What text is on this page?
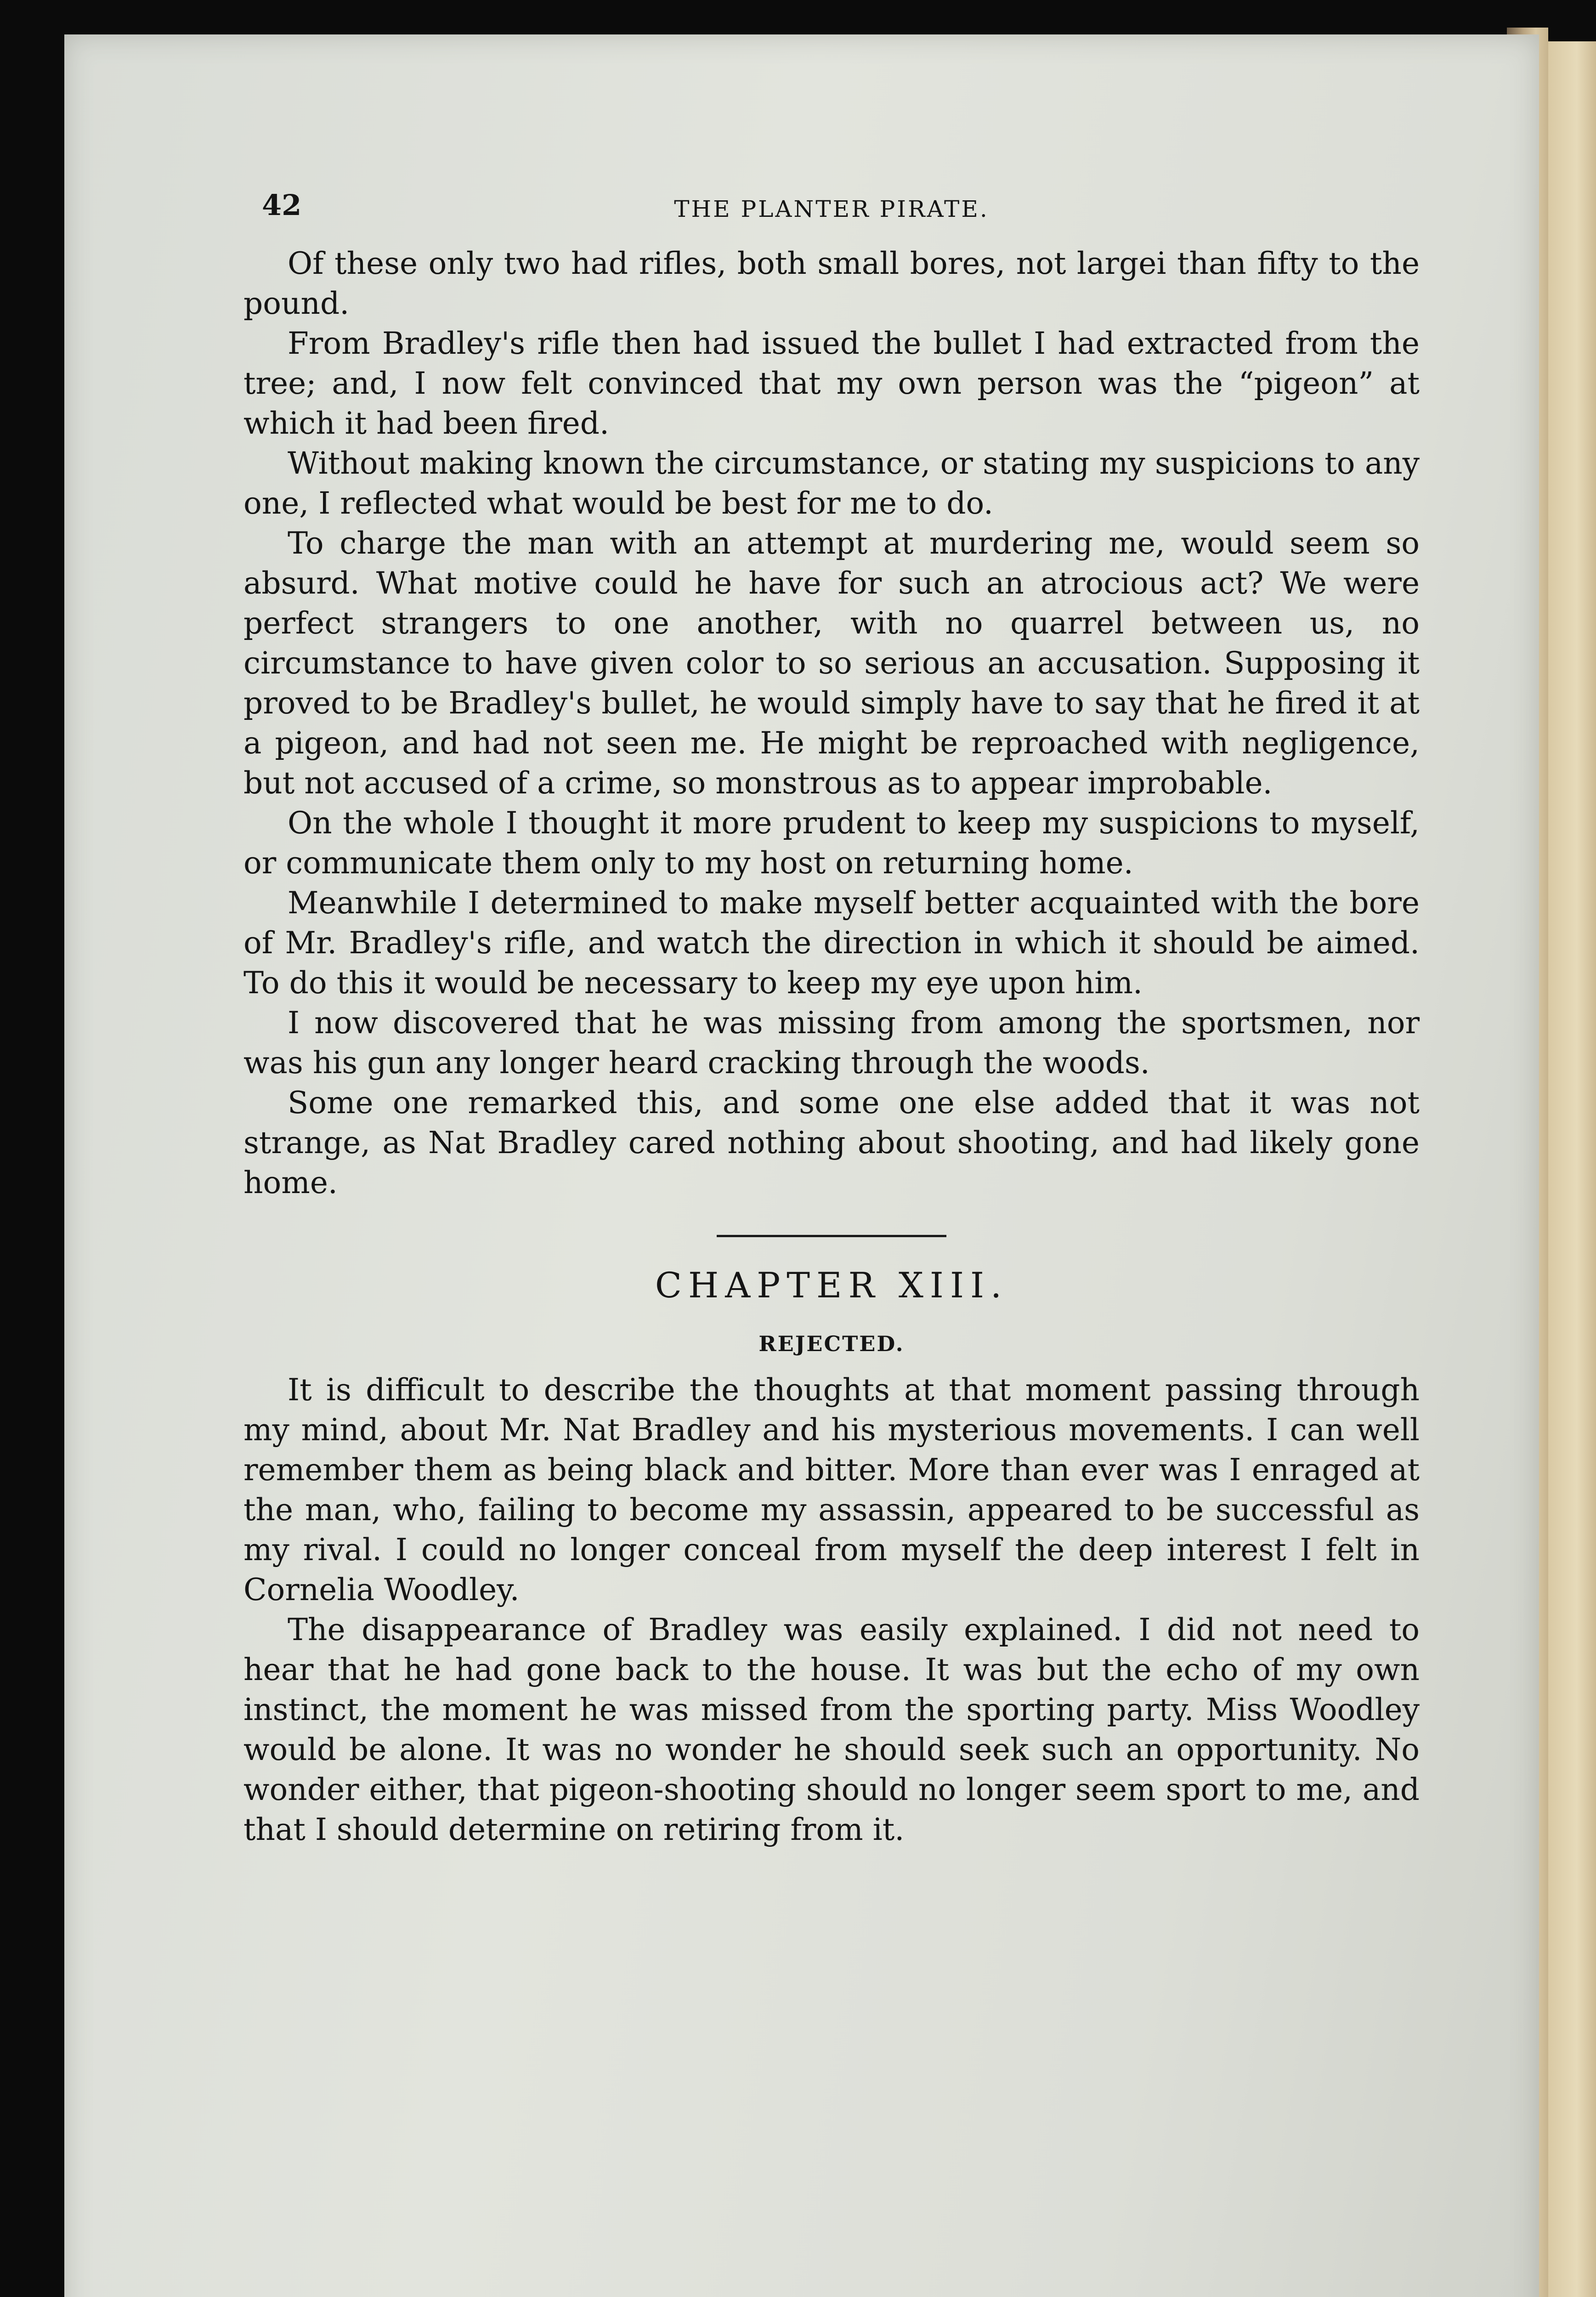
42	THE PLANTER PIRATE.

Of these only two had rifles, both small bores, not largei than fifty to the pound.

From Bradley's rifle then had issued the bullet I had extracted from the tree; and, I now felt convinced that my own person was the “pigeon” at which it had been fired.

Without making known the circumstance, or stating my suspicions to any one, I reflected what would be best for me to do.

To charge the man with an attempt at murdering me, would seem so absurd. What motive could he have for such an atrocious act? We were perfect strangers to one another, with no quarrel between us, no circumstance to have given color to so serious an accusation. Supposing it proved to be Bradley's bullet, he would simply have to say that he fired it at a pigeon, and had not seen me. He might be reproached with negligence, but not accused of a crime, so monstrous as to appear improbable.

On the whole I thought it more prudent to keep my suspicions to myself, or communicate them only to my host on returning home.

Meanwhile I determined to make myself better acquainted with the bore of Mr. Bradley's rifle, and watch the direction in which it should be aimed. To do this it would be necessary to keep my eye upon him.

I now discovered that he was missing from among the sportsmen, nor was his gun any longer heard cracking through the woods.

Some one remarked this, and some one else added that it was not strange, as Nat Bradley cared nothing about shooting, and had likely gone home.

CHAPTER XIII.
REJECTED.

It is difficult to describe the thoughts at that moment passing through my mind, about Mr. Nat Bradley and his mysterious movements. I can well remember them as being black and bitter. More than ever was I enraged at the man, who, failing to become my assassin, appeared to be successful as my rival. I could no longer conceal from myself the deep interest I felt in Cornelia Woodley.

The disappearance of Bradley was easily explained. I did not need to hear that he had gone back to the house. It was but the echo of my own instinct, the moment he was missed from the sporting party. Miss Woodley would be alone. It was no wonder he should seek such an opportunity. No wonder either, that pigeon-shooting should no longer seem sport to me, and that I should determine on retiring from it.
